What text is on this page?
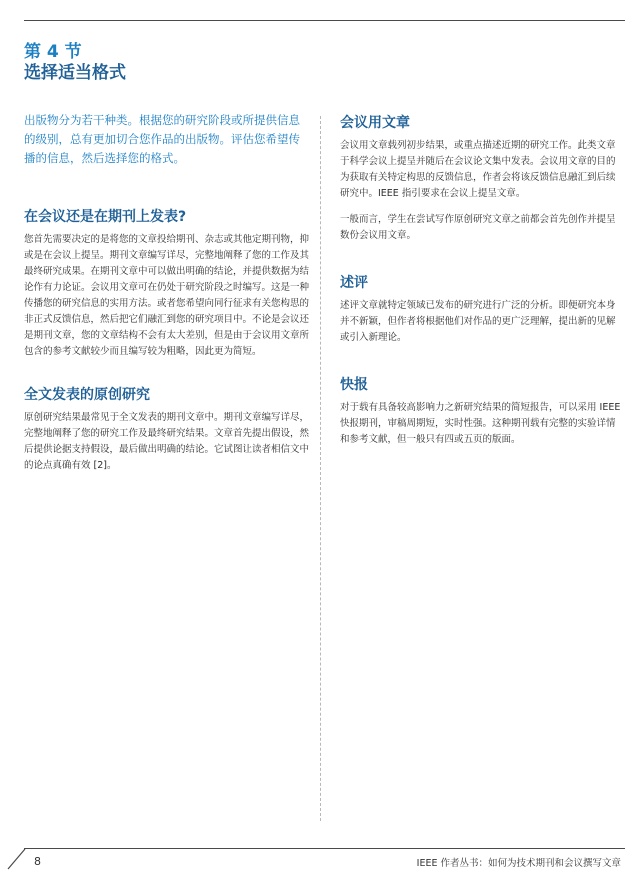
第 4 节
选择适当格式

出版物分为若干种类。根据您的研究阶段或所提供信息的级别，总有更加切合您作品的出版物。评估您希望传播的信息，然后选择您的格式。

在会议还是在期刊上发表?

您首先需要决定的是将您的文章投给期刊、杂志或其他定期刊物，抑或是在会议上提呈。期刊文章编写详尽，完整地阐释了您的工作及其最终研究成果。在期刊文章中可以做出明确的结论，并提供数据为结论作有力论证。会议用文章可在仍处于研究阶段之时编写。这是一种传播您的研究信息的实用方法。或者您希望向同行征求有关您构思的非正式反馈信息，然后把它们融汇到您的研究项目中。不论是会议还是期刊文章，您的文章结构不会有太大差别，但是由于会议用文章所包含的参考文献较少而且编写较为粗略，因此更为简短。

全文发表的原创研究

原创研究结果最常见于全文发表的期刊文章中。期刊文章编写详尽，完整地阐释了您的研究工作及最终研究结果。文章首先提出假设，然后提供论据支持假设，最后做出明确的结论。它试图让读者相信文中的论点真确有效 [2]。

会议用文章

会议用文章载列初步结果，或重点描述近期的研究工作。此类文章于科学会议上提呈并随后在会议论文集中发表。会议用文章的目的为获取有关特定构思的反馈信息，作者会将该反馈信息融汇到后续研究中。IEEE 指引要求在会议上提呈文章。

一般而言，学生在尝试写作原创研究文章之前都会首先创作并提呈数份会议用文章。

述评

述评文章就特定领域已发布的研究进行广泛的分析。即便研究本身并不新颖，但作者将根据他们对作品的更广泛理解，提出新的见解或引入新理论。

快报

对于载有具备较高影响力之新研究结果的简短报告，可以采用 IEEE 快报期刊，审稿周期短，实时性强。这种期刊载有完整的实验详情和参考文献，但一般只有四或五页的版面。

8	IEEE 作者丛书：如何为技术期刊和会议撰写文章
